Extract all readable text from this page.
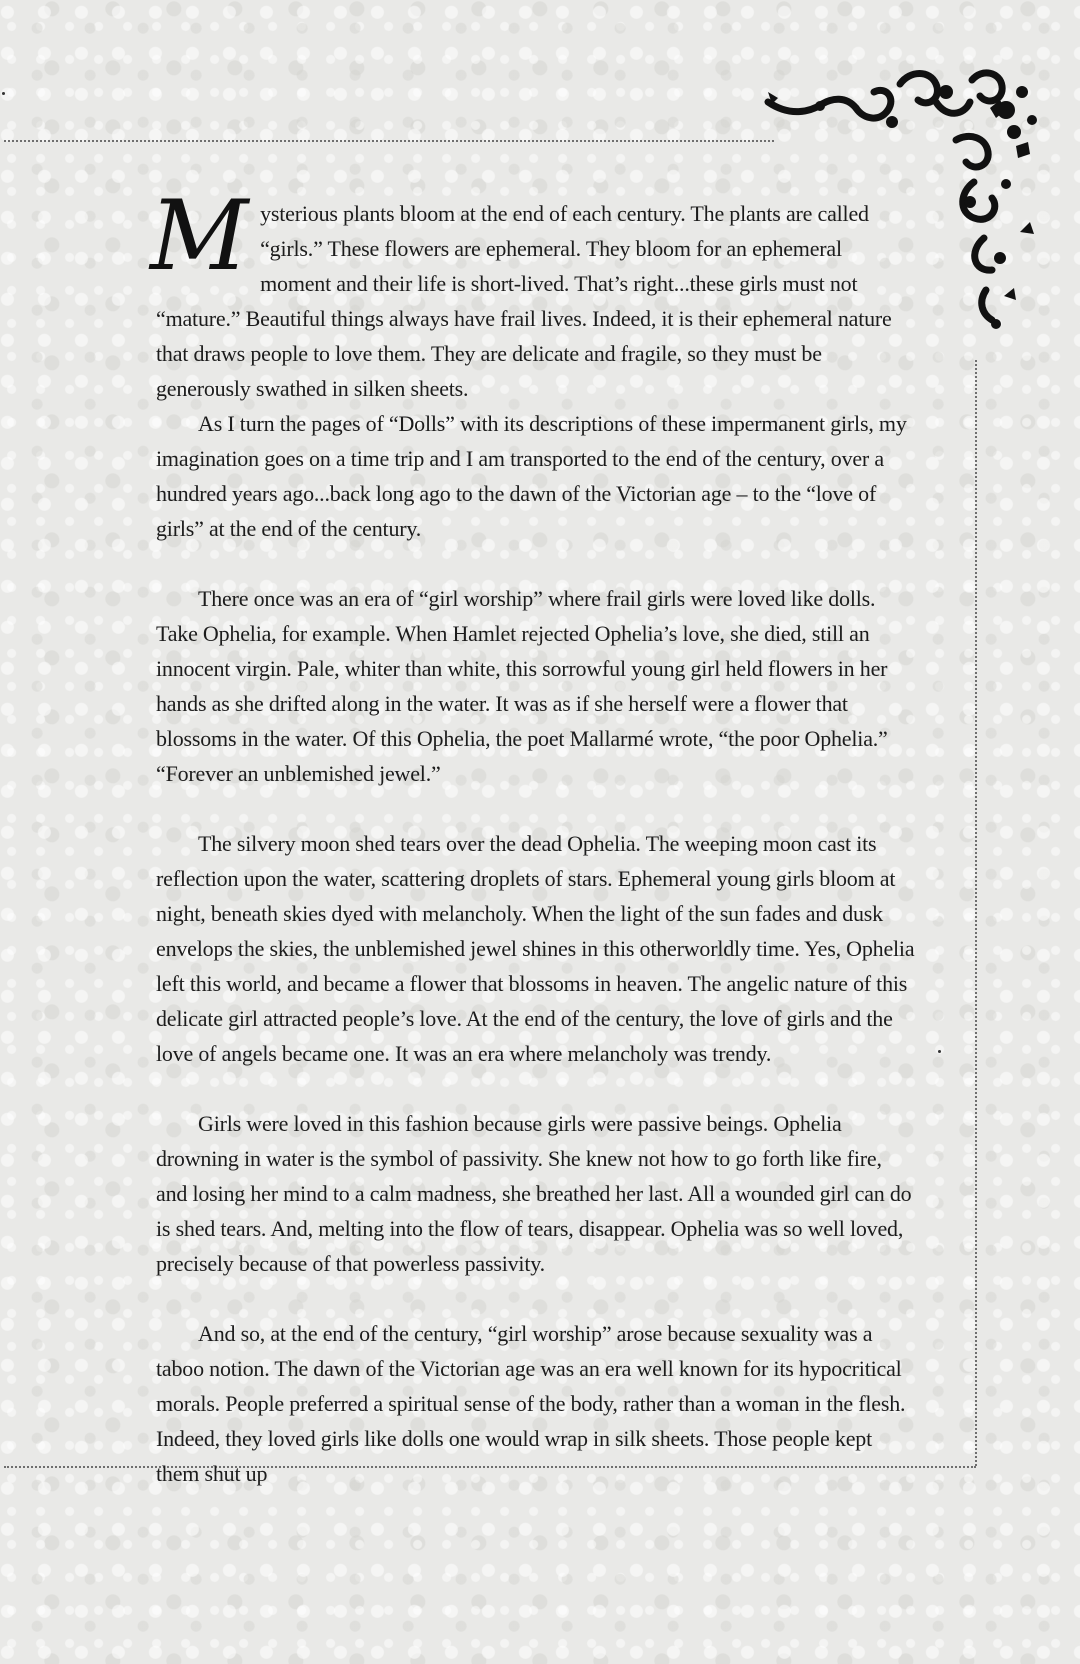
Mysterious plants bloom at the end of each century. The plants are called “girls.” These flowers are ephemeral. They bloom for an ephemeral moment and their life is short-lived. That’s right...these girls must not “mature.” Beautiful things always have frail lives. Indeed, it is their ephemeral nature that draws people to love them. They are delicate and fragile, so they must be generously swathed in silken sheets.

As I turn the pages of “Dolls” with its descriptions of these impermanent girls, my imagination goes on a time trip and I am transported to the end of the century, over a hundred years ago...back long ago to the dawn of the Victorian age – to the “love of girls” at the end of the century.

There once was an era of “girl worship” where frail girls were loved like dolls. Take Ophelia, for example. When Hamlet rejected Ophelia’s love, she died, still an innocent virgin. Pale, whiter than white, this sorrowful young girl held flowers in her hands as she drifted along in the water. It was as if she herself were a flower that blossoms in the water. Of this Ophelia, the poet Mallarmé wrote, “the poor Ophelia.” “Forever an unblemished jewel.”

The silvery moon shed tears over the dead Ophelia. The weeping moon cast its reflection upon the water, scattering droplets of stars. Ephemeral young girls bloom at night, beneath skies dyed with melancholy. When the light of the sun fades and dusk envelops the skies, the unblemished jewel shines in this otherworldly time. Yes, Ophelia left this world, and became a flower that blossoms in heaven. The angelic nature of this delicate girl attracted people’s love. At the end of the century, the love of girls and the love of angels became one. It was an era where melancholy was trendy.

Girls were loved in this fashion because girls were passive beings. Ophelia drowning in water is the symbol of passivity. She knew not how to go forth like fire, and losing her mind to a calm madness, she breathed her last. All a wounded girl can do is shed tears. And, melting into the flow of tears, disappear. Ophelia was so well loved, precisely because of that powerless passivity.

And so, at the end of the century, “girl worship” arose because sexuality was a taboo notion. The dawn of the Victorian age was an era well known for its hypocritical morals. People preferred a spiritual sense of the body, rather than a woman in the flesh. Indeed, they loved girls like dolls one would wrap in silk sheets. Those people kept them shut up
